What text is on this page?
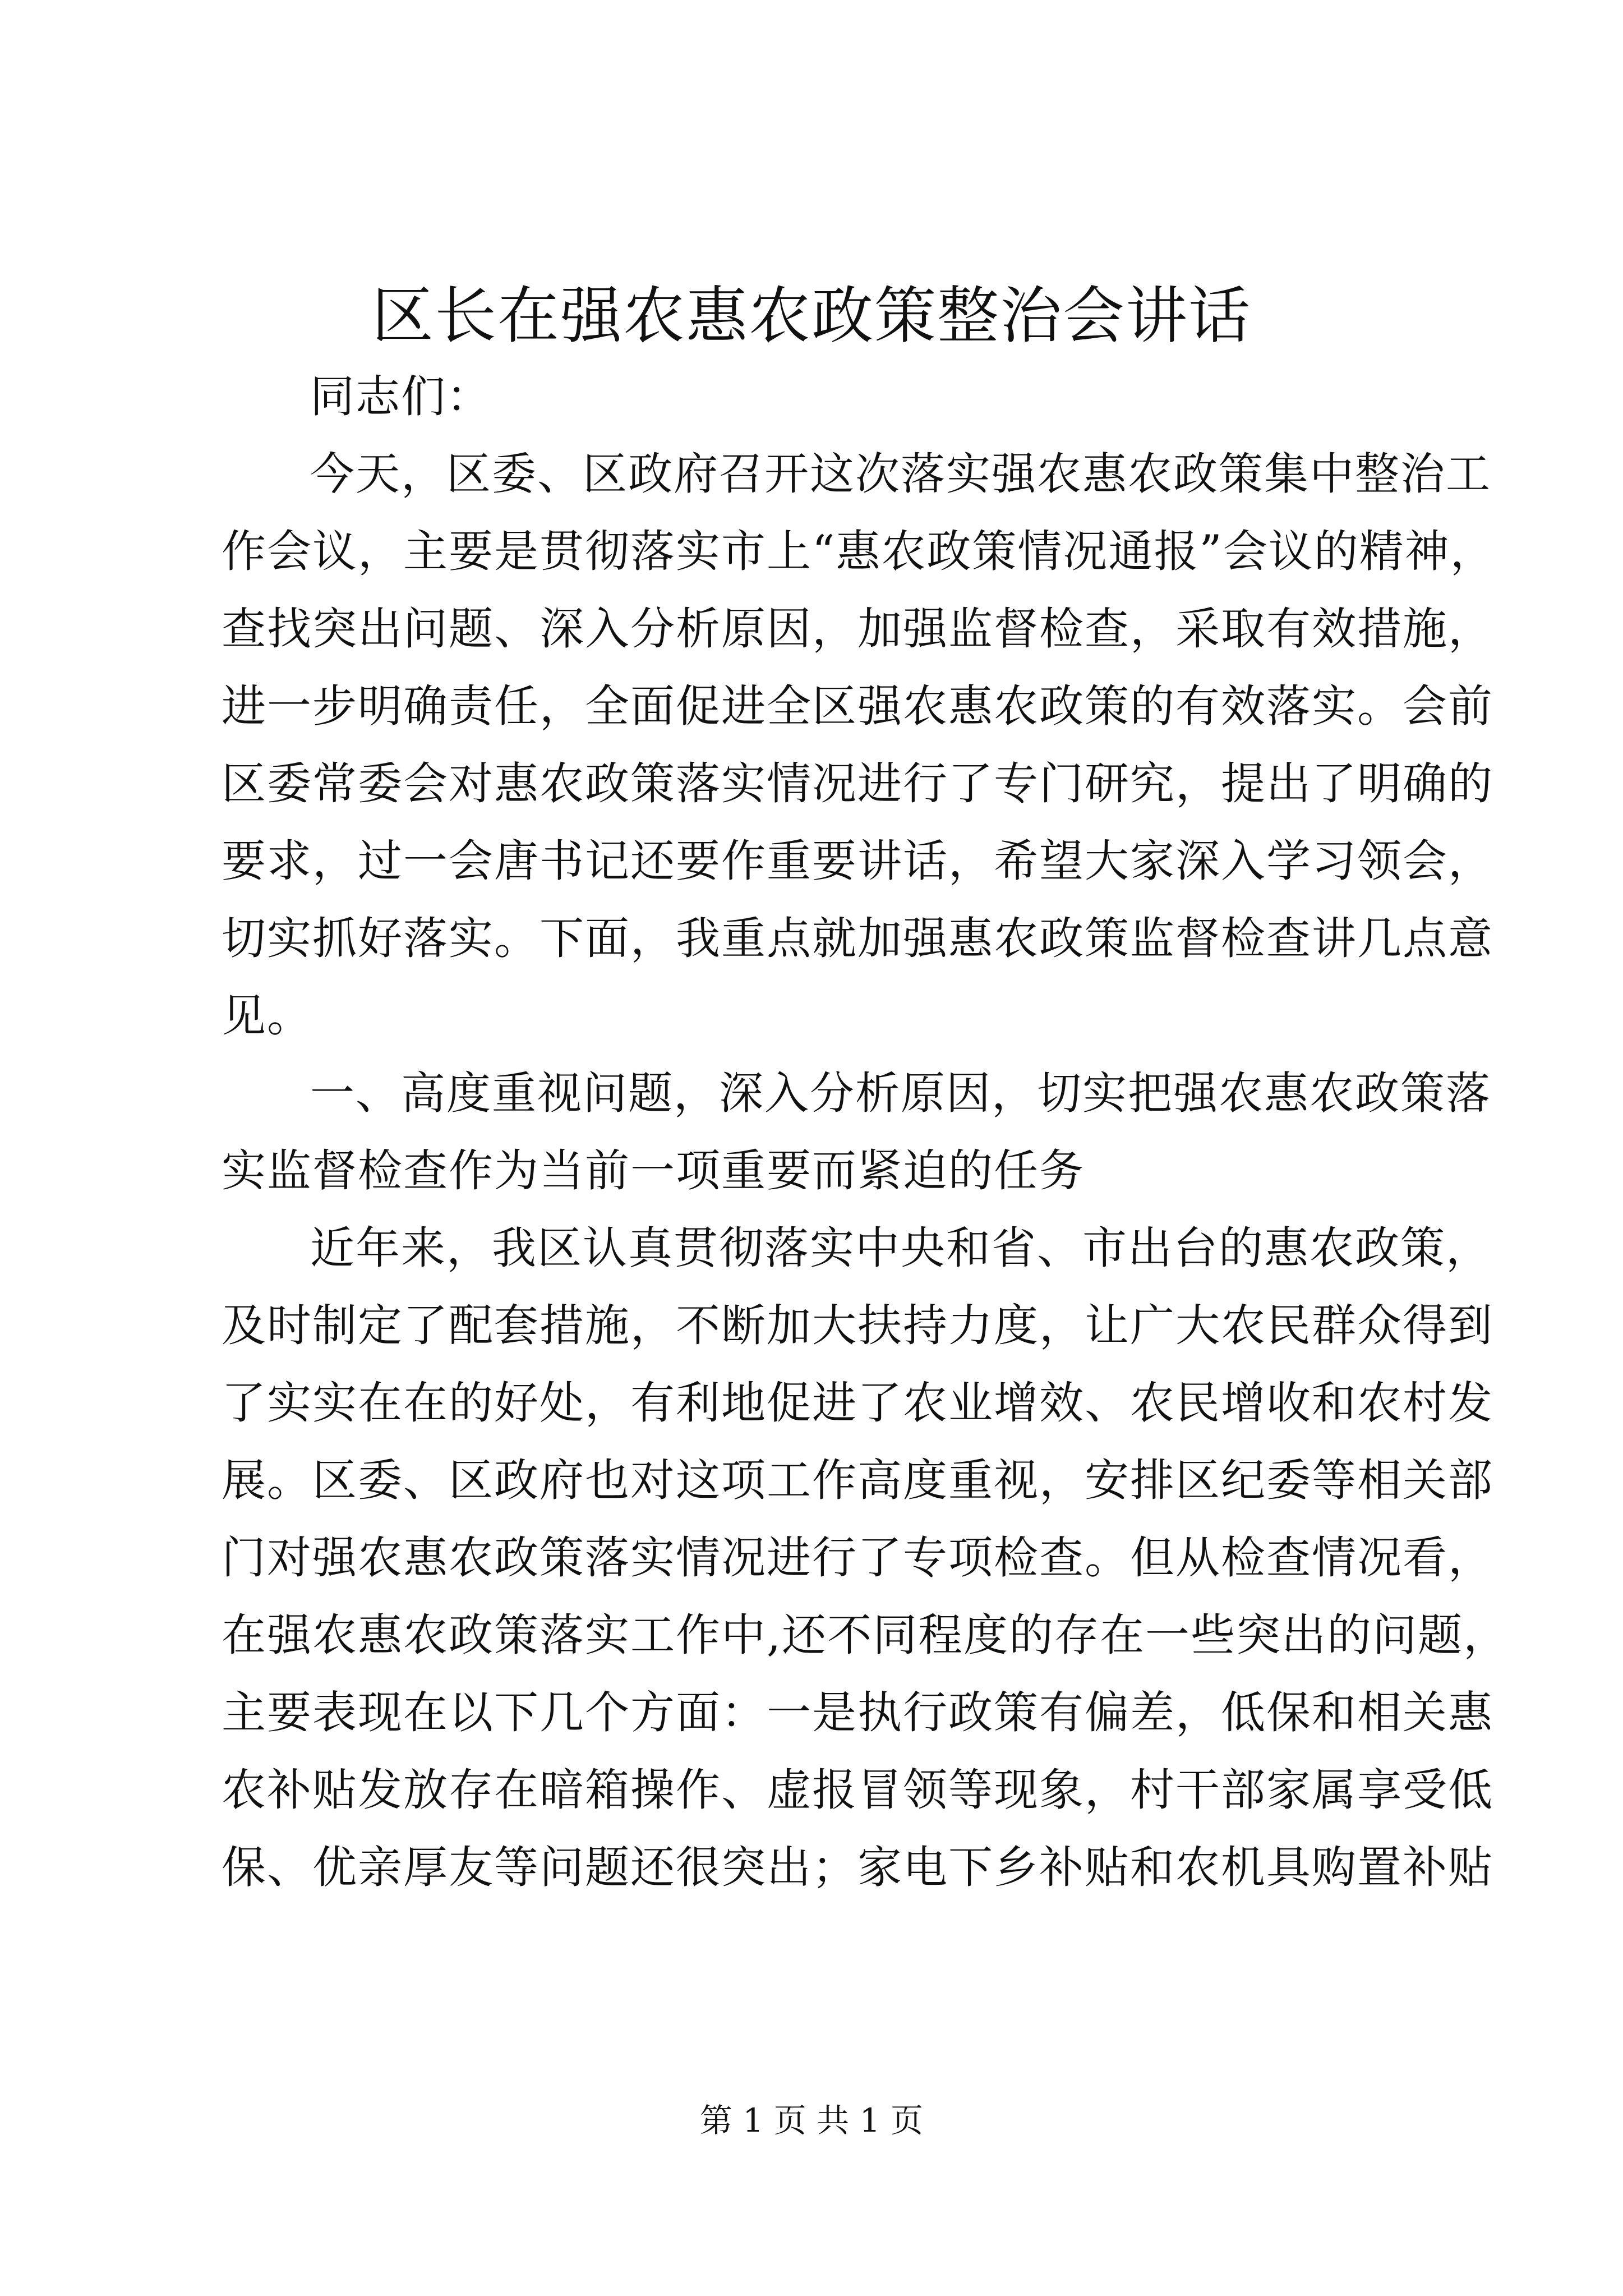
区长在强农惠农政策整治会讲话

同志们：

今天，区委、区政府召开这次落实强农惠农政策集中整治工
作会议，主要是贯彻落实市上“惠农政策情况通报”会议的精神，
查找突出问题、深入分析原因，加强监督检查，采取有效措施，
进一步明确责任，全面促进全区强农惠农政策的有效落实。会前
区委常委会对惠农政策落实情况进行了专门研究，提出了明确的
要求，过一会唐书记还要作重要讲话，希望大家深入学习领会，
切实抓好落实。下面，我重点就加强惠农政策监督检查讲几点意
见。
一、高度重视问题，深入分析原因，切实把强农惠农政策落
实监督检查作为当前一项重要而紧迫的任务
近年来，我区认真贯彻落实中央和省、市出台的惠农政策，
及时制定了配套措施，不断加大扶持力度，让广大农民群众得到
了实实在在的好处，有利地促进了农业增效、农民增收和农村发
展。区委、区政府也对这项工作高度重视，安排区纪委等相关部
门对强农惠农政策落实情况进行了专项检查。但从检查情况看，
在强农惠农政策落实工作中,还不同程度的存在一些突出的问题，
主要表现在以下几个方面：一是执行政策有偏差，低保和相关惠
农补贴发放存在暗箱操作、虚报冒领等现象，村干部家属享受低
保、优亲厚友等问题还很突出；家电下乡补贴和农机具购置补贴
第 1 页 共 1 页
